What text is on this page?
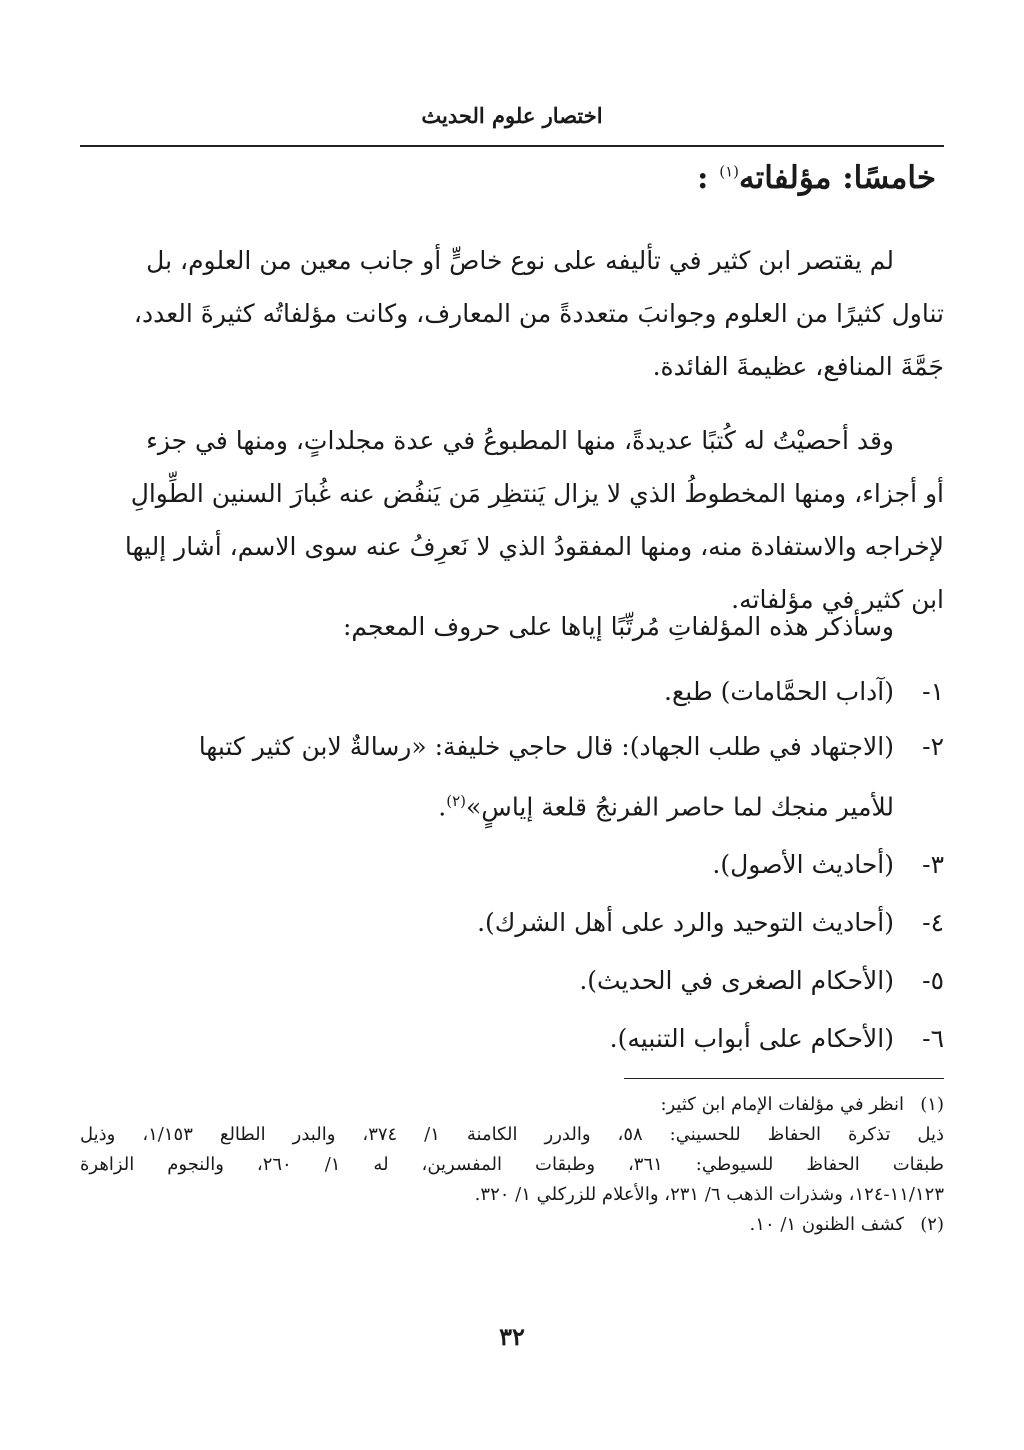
اختصار علوم الحديث
خامسًا: مؤلفاته$^{(١)}$ :
لم يقتصر ابن كثير في تأليفه على نوع خاصٍّ أو جانب معين من العلوم، بل
تناول كثيرًا من العلوم وجوانبَ متعددةً من المعارف، وكانت مؤلفاتُه كثيرةَ العدد،
جَمَّةَ المنافع، عظيمةَ الفائدة.
وقد أحصيْتُ له كُتبًا عديدةً، منها المطبوعُ في عدة مجلداتٍ، ومنها في جزء
أو أجزاء، ومنها المخطوطُ الذي لا يزال يَنتظِر مَن يَنفُض عنه غُبارَ السنين الطِّوالِ
لإخراجه والاستفادة منه، ومنها المفقودُ الذي لا نَعرِفُ عنه سوى الاسم، أشار إليها
ابن كثير في مؤلفاته.
وسأذكر هذه المؤلفاتِ مُرتِّبًا إياها على حروف المعجم:
١-
(آداب الحمَّامات) طبع.
٢-
(الاجتهاد في طلب الجهاد): قال حاجي خليفة: «رسالةٌ لابن كثير كتبها
للأمير منجك لما حاصر الفرنجُ قلعة إياسٍ»$^{(٢)}$.
٣-
(أحاديث الأصول).
٤-
(أحاديث التوحيد والرد على أهل الشرك).
٥-
(الأحكام الصغرى في الحديث).
٦-
(الأحكام على أبواب التنبيه).
(١)
انظر في مؤلفات الإمام ابن كثير:
ذيل تذكرة الحفاظ للحسيني: ٥٨، والدرر الكامنة ١/ ٣٧٤، والبدر الطالع ١/١٥٣، وذيل
طبقات الحفاظ للسيوطي: ٣٦١، وطبقات المفسرين، له ١/ ٢٦٠، والنجوم الزاهرة
١١/١٢٣-١٢٤، وشذرات الذهب ٦/ ٢٣١، والأعلام للزركلي ١/ ٣٢٠.
(٢)
كشف الظنون ١/ ١٠.
٣٢
